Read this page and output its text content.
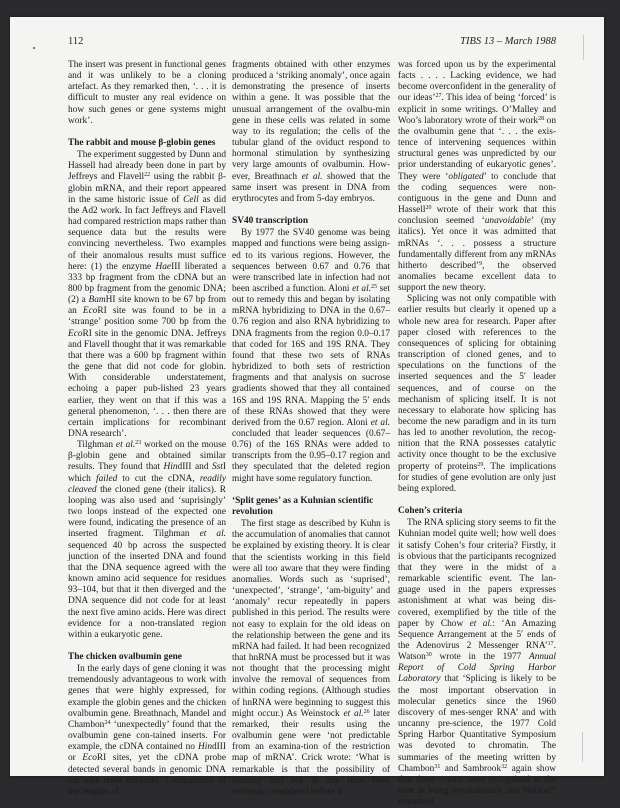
112	TIBS 13 – March 1988

The insert was present in functional genes and it was unlikely to be a cloning artefact. As they remarked then, ‘. . . it is difficult to muster any real evidence on how such genes or gene systems might work’.

The rabbit and mouse β-globin genes

The experiment suggested by Dunn and Hassell had already been done in part by Jeffreys and Flavell$^{22}$ using the rabbit β-globin mRNA, and their report appeared in the same historic issue of Cell as did the Ad2 work. In fact Jeffreys and Flavell had compared restriction maps rather than sequence data but the results were convincing nevertheless. Two examples of their anomalous results must suffice here: (1) the enzyme HaeIII liberated a 333 bp fragment from the cDNA but an 800 bp fragment from the genomic DNA; (2) a BamHI site known to be 67 bp from an EcoRI site was found to be in a ‘strange’ position some 700 bp from the EcoRI site in the genomic DNA. Jeffreys and Flavell thought that it was remarkable that there was a 600 bp fragment within the gene that did not code for globin. With considerable understatement, echoing a paper pub-lished 23 years earlier, they went on that if this was a general phenomenon, ‘. . . then there are certain implications for recombinant DNA research’.

Tilghman et al.$^{23}$ worked on the mouse β-globin gene and obtained similar results. They found that HindIII and SstI which failed to cut the cDNA, readily cleaved the cloned gene (their italics). R looping was also used and ‘suprisingly’ two loops instead of the expected one were found, indicating the presence of an inserted fragment. Tilghman et al. sequenced 40 bp across the suspected junction of the inserted DNA and found that the DNA sequence agreed with the known amino acid sequence for residues 93–104, but that it then diverged and the DNA sequence did not code for at least the next five amino acids. Here was direct evidence for a non-translated region within a eukaryotic gene.

The chicken ovalbumin gene

In the early days of gene cloning it was tremendously advantageous to work with genes that were highly expressed, for example the globin genes and the chicken ovalbumin gene. Breathnach, Mandel and Chambon$^{24}$ ‘unexpectedly’ found that the ovalbumin gene con-tained inserts. For example, the cDNA contained no HindIII or EcoRI sites, yet the cDNA probe detected several bands in genomic DNA cut with these enzymes. Comparisons of the lengths of

fragments obtained with other enzymes produced a ‘striking anomaly’, once again demonstrating the presence of inserts within a gene. It was possible that the unusual arrangement of the ovalbu-min gene in these cells was related in some way to its regulation; the cells of the tubular gland of the oviduct respond to hormonal stimulation by synthesizing very large amounts of ovalbumin. How-ever, Breathnach et al. showed that the same insert was present in DNA from erythrocytes and from 5-day embryos.

SV40 transcription

By 1977 the SV40 genome was being mapped and functions were being assign-ed to its various regions. However, the sequences between 0.67 and 0.76 that were transcribed late in infection had not been ascribed a function. Aloni et al.$^{25}$ set out to remedy this and began by isolating mRNA hybridizing to DNA in the 0.67–0.76 region and also RNA hybridizing to DNA fragments from the region 0.0–0.17 that coded for 16S and 19S RNA. They found that these two sets of RNAs hybridized to both sets of restriction fragments and that analysis on sucrose gradients showed that they all contained 16S and 19S RNA. Mapping the 5′ ends of these RNAs showed that they were derived from the 0.67 region. Aloni et al. concluded that leader sequences (0.67–0.76) of the 16S RNAs were added to transcripts from the 0.95–0.17 region and they speculated that the deleted region might have some regulatory function.

‘Split genes’ as a Kuhnian scientific revolution

The first stage as described by Kuhn is the accumulation of anomalies that cannot be explained by existing theory. It is clear that the scientists working in this field were all too aware that they were finding anomalies. Words such as ‘suprised’, ‘unexpected’, ‘strange’, ‘am-biguity’ and ‘anomaly’ recur repeatedly in papers published in this period. The results were not easy to explain for the old ideas on the relationship between the gene and its mRNA had failed. It had been recognized that hnRNA must be processed but it was not thought that the processing might involve the removal of sequences from within coding regions. (Although studies of hnRNA were beginning to suggest this might occur.) As Weinstock et al.$^{26}$ later remarked, their results using the ovalbumin gene were ‘not predictable from an examina-tion of the restriction map of mRNA’. Crick wrote: ‘What is remarkable is that the possibility of splicing had not at any time been seriously considered before it

was forced upon us by the experimental facts . . . . Lacking evidence, we had become overconfident in the generality of our ideas’$^{27}$. This idea of being ‘forced’ is explicit in some writings. O’Malley and Woo’s laboratory wrote of their work$^{28}$ on the ovalbumin gene that ‘. . . the exis-tence of intervening sequences within structural genes was unpredicted by our prior understanding of eukaryotic genes’. They were ‘obligated’ to conclude that the coding sequences were non-contiguous in the gene and Dunn and Hassell$^{20}$ wrote of their work that this conclusion seemed ‘unavoidable’ (my italics). Yet once it was admitted that mRNAs ‘. . . possess a structure fundamentally different from any mRNAs hitherto described’$^9$, the observed anomalies became excellent data to support the new theory.

Splicing was not only compatible with earlier results but clearly it opened up a whole new area for research. Paper after paper closed with references to the consequences of splicing for obtaining transcription of cloned genes, and to speculations on the functions of the inserted sequences and the 5′ leader sequences, and of course on the mechanism of splicing itself. It is not necessary to elaborate how splicing has become the new paradigm and in its turn has led to another revolution, the recog-nition that the RNA possesses catalytic activity once thought to be the exclusive property of proteins$^{29}$. The implications for studies of gene evolution are only just being explored.

Cohen’s criteria

The RNA splicing story seems to fit the Kuhnian model quite well; how well does it satisfy Cohen’s four criteria? Firstly, it is obvious that the participants recognized that they were in the midst of a remarkable scientific event. The lan-guage used in the papers expresses astonishment at what was being dis-covered, exemplified by the title of the paper by Chow et al.: ‘An Amazing Sequence Arrangement at the 5′ ends of the Adenovirus 2 Messenger RNA’$^{17}$. Watson$^{30}$ wrote in the 1977 Annual Report of Cold Spring Harbor Laboratory that ‘Splicing is likely to be the most important observation in molecular genetics since the 1960 discovery of mes-senger RNA’ and with uncanny pre-science, the 1977 Cold Spring Harbor Quantitative Symposium was devoted to chromatin. The summaries of the meeting written by Chambon$^{31}$ and Sambrook$^{32}$ again show that these events were recognized at the time as being revolutionary, and Watson$^{33}$ remarked
